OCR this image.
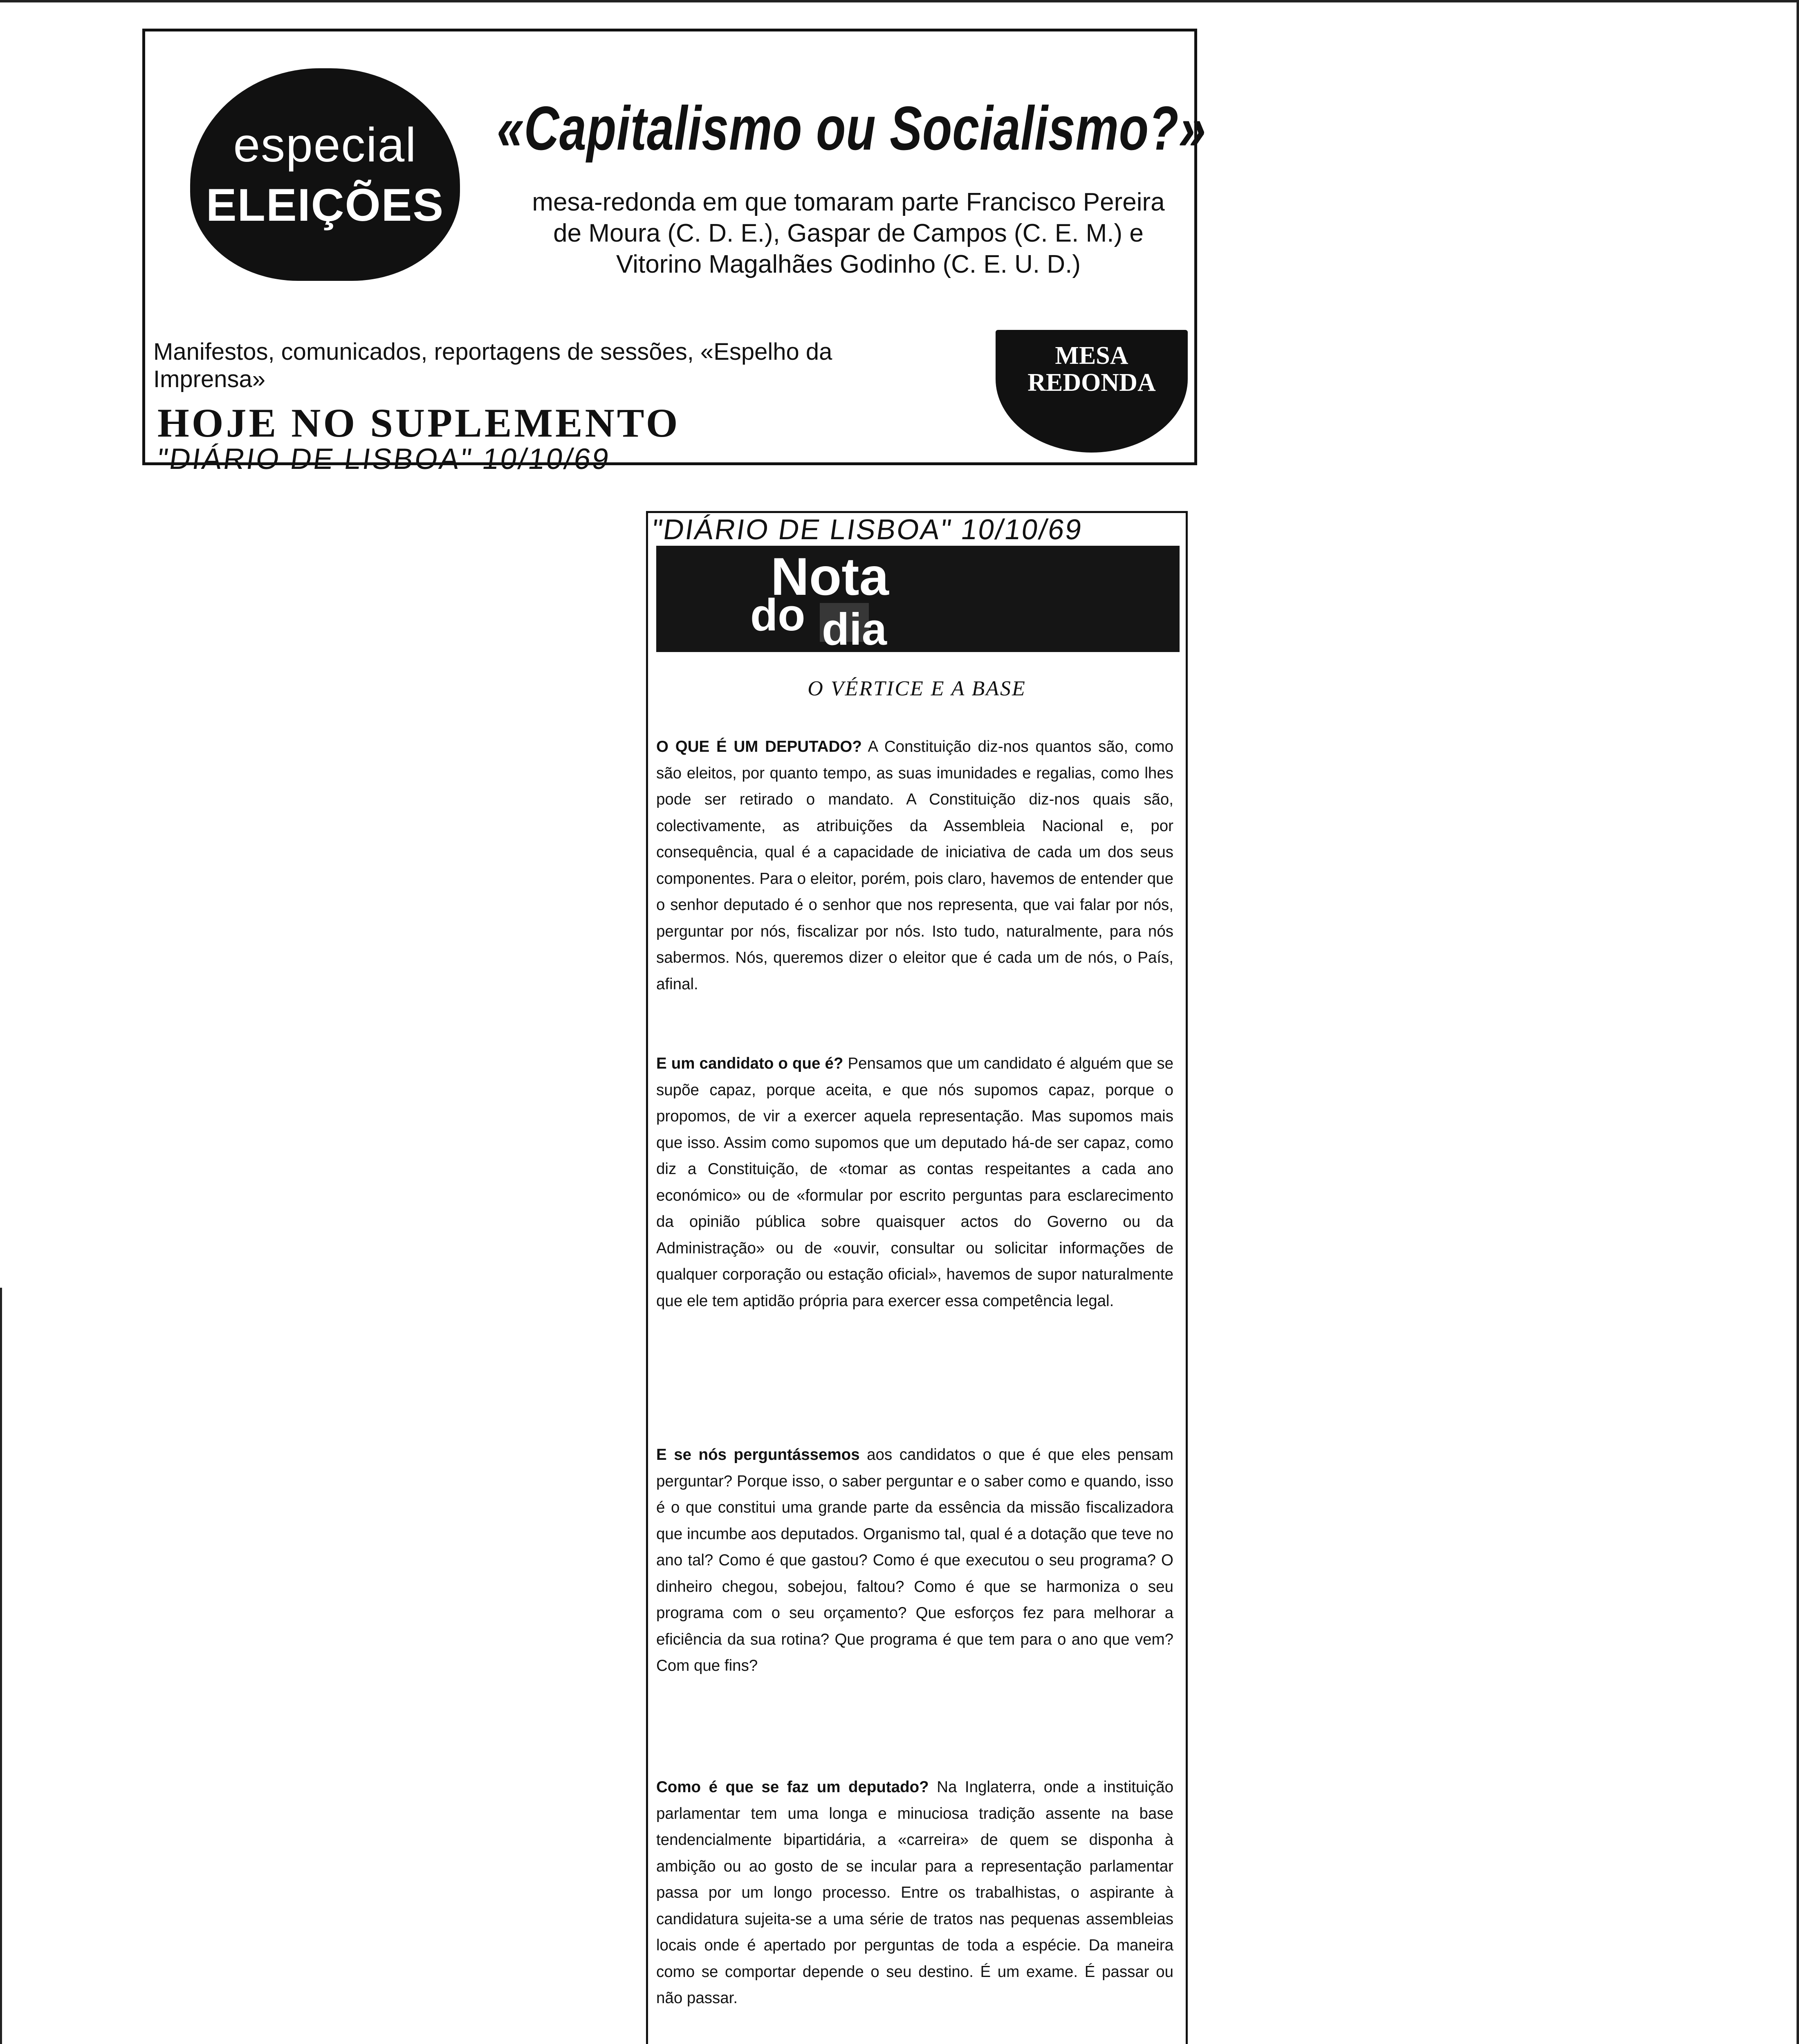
especial
ELEIÇÕES
«Capitalismo ou Socialismo?»
mesa-redonda em que tomaram parte Francisco Pereira de Moura (C. D. E.), Gaspar de Campos (C. E. M.) e Vitorino Magalhães Godinho (C. E. U. D.)
Manifestos, comunicados, reportagens de sessões, «Espelho da Imprensa»
MESA
REDONDA
HOJE NO SUPLEMENTO
"DIÁRIO DE LISBOA" 10/10/69
"DIÁRIO DE LISBOA" 10/10/69
Nota
do dia
O VÉRTICE E A BASE
O QUE É UM DEPUTADO? A Constituição diz-nos quantos são, como são eleitos, por quanto tempo, as suas imunidades e regalias, como lhes pode ser retirado o mandato. A Constituição diz-nos quais são, colectivamente, as atribuições da Assembleia Nacional e, por consequência, qual é a capacidade de iniciativa de cada um dos seus componentes. Para o eleitor, porém, pois claro, havemos de entender que o senhor deputado é o senhor que nos representa, que vai falar por nós, perguntar por nós, fiscalizar por nós. Isto tudo, naturalmente, para nós sabermos. Nós, queremos dizer o eleitor que é cada um de nós, o País, afinal.
E um candidato o que é? Pensamos que um candidato é alguém que se supõe capaz, porque aceita, e que nós supomos capaz, porque o propomos, de vir a exercer aquela representação. Mas supomos mais que isso. Assim como supomos que um deputado há-de ser capaz, como diz a Constituição, de «tomar as contas respeitantes a cada ano económico» ou de «formular por escrito perguntas para esclarecimento da opinião pública sobre quaisquer actos do Governo ou da Administração» ou de «ouvir, consultar ou solicitar informações de qualquer corporação ou estação oficial», havemos de supor naturalmente que ele tem aptidão própria para exercer essa competência legal.
E se nós perguntássemos aos candidatos o que é que eles pensam perguntar? Porque isso, o saber perguntar e o saber como e quando, isso é o que constitui uma grande parte da essência da missão fiscalizadora que incumbe aos deputados. Organismo tal, qual é a dotação que teve no ano tal? Como é que gastou? Como é que executou o seu programa? O dinheiro chegou, sobejou, faltou? Como é que se harmoniza o seu programa com o seu orçamento? Que esforços fez para melhorar a eficiência da sua rotina? Que programa é que tem para o ano que vem? Com que fins?
Como é que se faz um deputado? Na Inglaterra, onde a instituição parlamentar tem uma longa e minuciosa tradição assente na base tendencialmente bipartidária, a «carreira» de quem se disponha à ambição ou ao gosto de se incular para a representação parlamentar passa por um longo processo. Entre os trabalhistas, o aspirante à candidatura sujeita-se a uma série de tratos nas pequenas assembleias locais onde é apertado por perguntas de toda a espécie. Da maneira como se comportar depende o seu destino. É um exame. É passar ou não passar.
